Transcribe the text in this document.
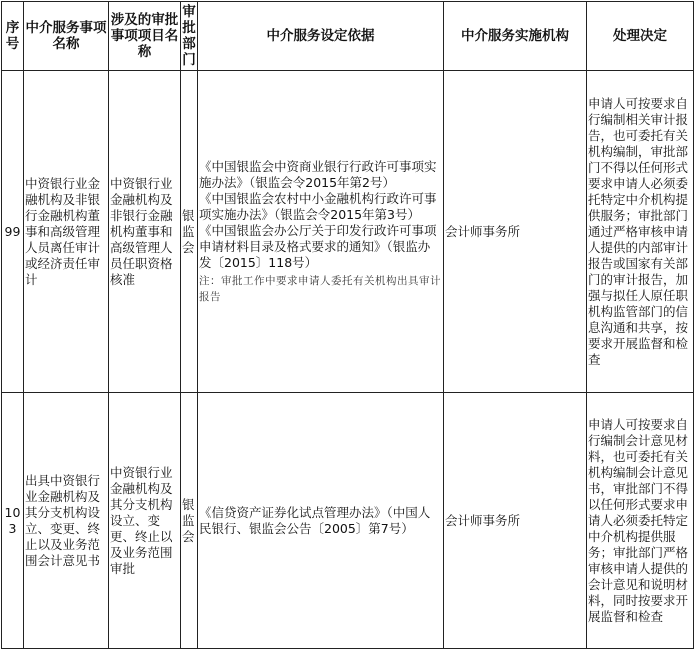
序号	中介服务事项名称	涉及的审批事项项目名称	审批部门	中介服务设定依据	中介服务实施机构	处理决定
99	中资银行业金融机构及非银行金融机构董事和高级管理人员离任审计或经济责任审计	中资银行业金融机构及非银行金融机构董事和高级管理人员任职资格核准	银监会	《中国银监会中资商业银行行政许可事项实施办法》（银监会令2015年第2号）
《中国银监会农村中小金融机构行政许可事项实施办法》（银监会令2015年第3号）
《中国银监会办公厅关于印发行政许可事项申请材料目录及格式要求的通知》（银监办发〔2015〕118号）
注：审批工作中要求申请人委托有关机构出具审计报告	会计师事务所	申请人可按要求自行编制相关审计报告，也可委托有关机构编制，审批部门不得以任何形式要求申请人必须委托特定中介机构提供服务；审批部门通过严格审核申请人提供的内部审计报告或国家有关部门的审计报告，加强与拟任人原任职机构监管部门的信息沟通和共享，按要求开展监督和检查
103	出具中资银行业金融机构及其分支机构设立、变更、终止以及业务范围会计意见书	中资银行业金融机构及其分支机构设立、变更、终止以及业务范围审批	银监会	《信贷资产证券化试点管理办法》（中国人民银行、银监会公告〔2005〕第7号）	会计师事务所	申请人可按要求自行编制会计意见材料，也可委托有关机构编制会计意见书，审批部门不得以任何形式要求申请人必须委托特定中介机构提供服务；审批部门严格审核申请人提供的会计意见和说明材料，同时按要求开展监督和检查
